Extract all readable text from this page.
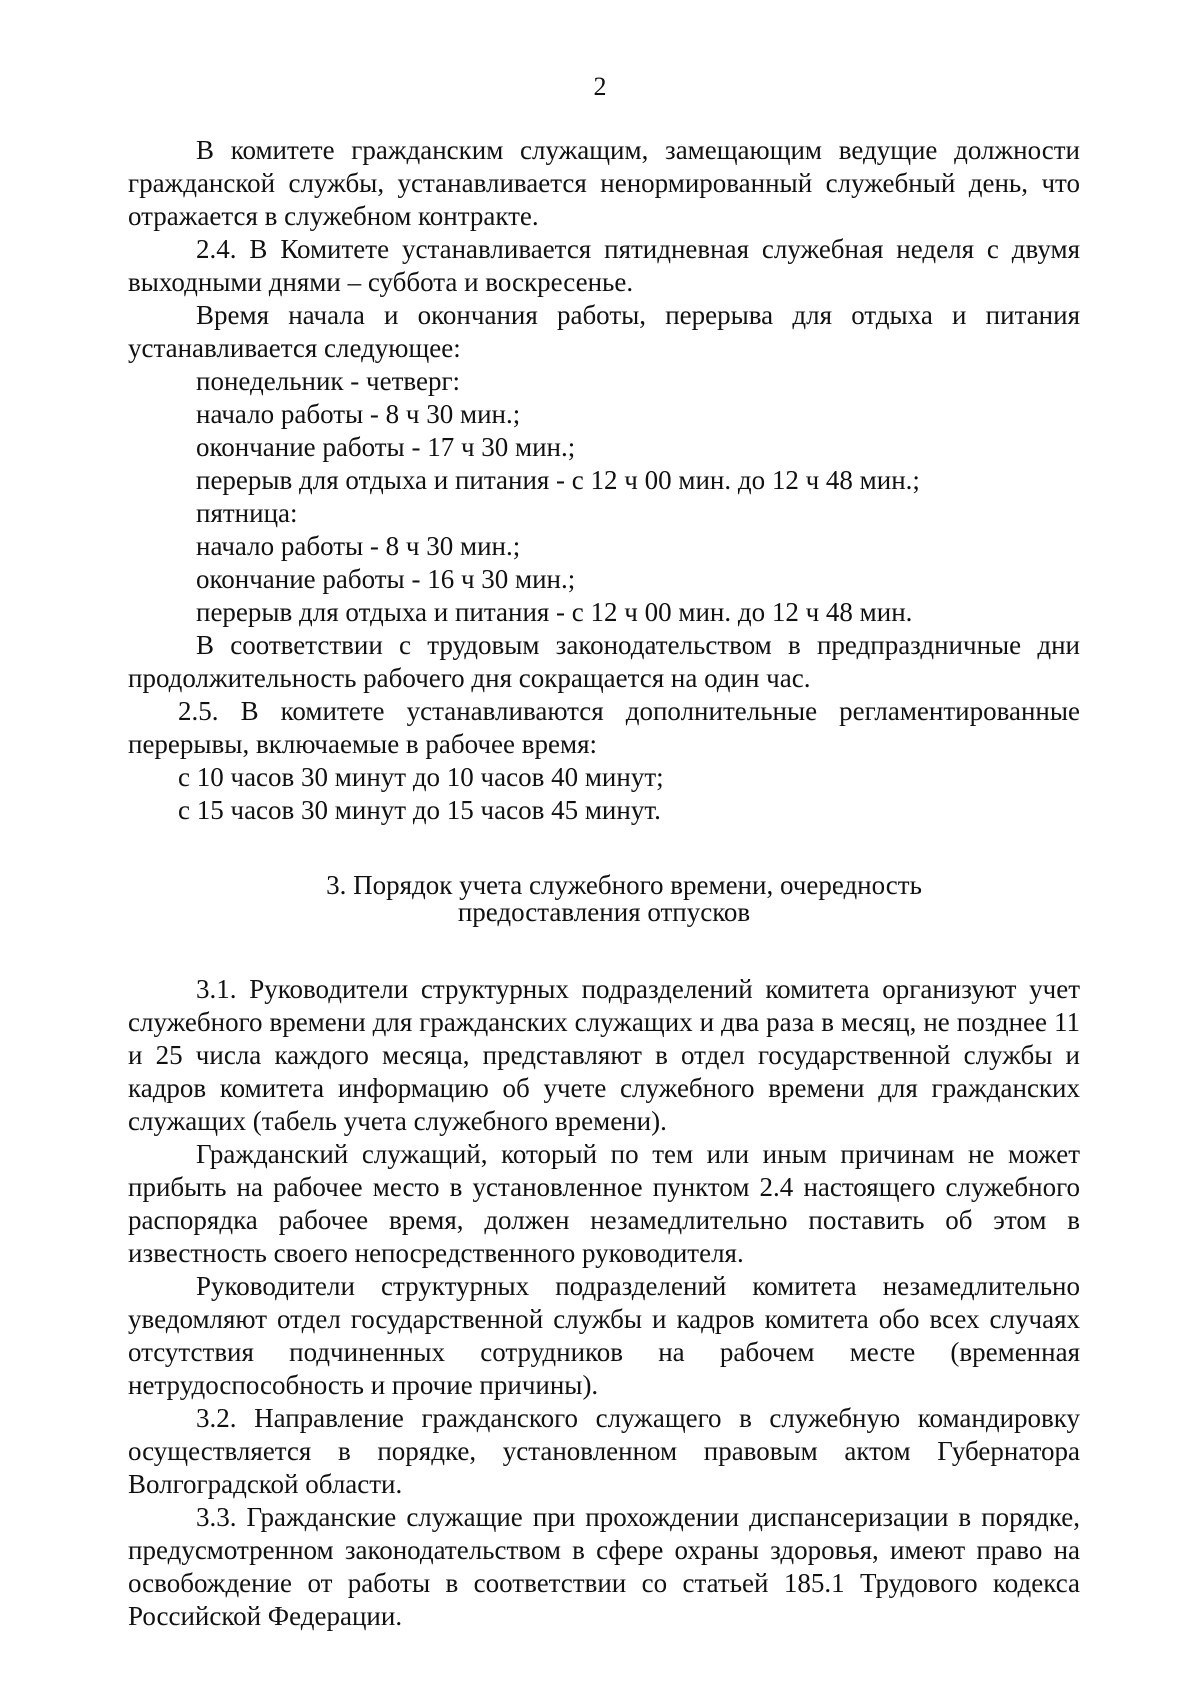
2

В комитете гражданским служащим, замещающим ведущие должности гражданской службы, устанавливается ненормированный служебный день, что отражается в служебном контракте.

2.4. В Комитете устанавливается пятидневная служебная неделя с двумя выходными днями – суббота и воскресенье.

Время начала и окончания работы, перерыва для отдыха и питания устанавливается следующее:

понедельник - четверг:

начало работы - 8 ч 30 мин.;

окончание работы - 17 ч 30 мин.;

перерыв для отдыха и питания - с 12 ч 00 мин. до 12 ч 48 мин.;

пятница:

начало работы - 8 ч 30 мин.;

окончание работы - 16 ч 30 мин.;

перерыв для отдыха и питания - с 12 ч 00 мин. до 12 ч 48 мин.

В соответствии с трудовым законодательством в предпраздничные дни продолжительность рабочего дня сокращается на один час.

2.5. В комитете устанавливаются дополнительные регламентированные перерывы, включаемые в рабочее время:

с 10 часов 30 минут до 10 часов 40 минут;

с 15 часов 30 минут до 15 часов 45 минут.

3. Порядок учета служебного времени, очередность
предоставления отпусков

3.1. Руководители структурных подразделений комитета организуют учет служебного времени для гражданских служащих и два раза в месяц, не позднее 11 и 25 числа каждого месяца, представляют в отдел государственной службы и кадров комитета информацию об учете служебного времени для гражданских служащих (табель учета служебного времени).

Гражданский служащий, который по тем или иным причинам не может прибыть на рабочее место в установленное пунктом 2.4 настоящего служебного распорядка рабочее время, должен незамедлительно поставить об этом в известность своего непосредственного руководителя.

Руководители структурных подразделений комитета незамедлительно уведомляют отдел государственной службы и кадров комитета обо всех случаях отсутствия подчиненных сотрудников на рабочем месте (временная нетрудоспособность и прочие причины).

3.2. Направление гражданского служащего в служебную командировку осуществляется в порядке, установленном правовым актом Губернатора Волгоградской области.

3.3. Гражданские служащие при прохождении диспансеризации в порядке, предусмотренном законодательством в сфере охраны здоровья, имеют право на освобождение от работы в соответствии со статьей 185.1 Трудового кодекса Российской Федерации.
